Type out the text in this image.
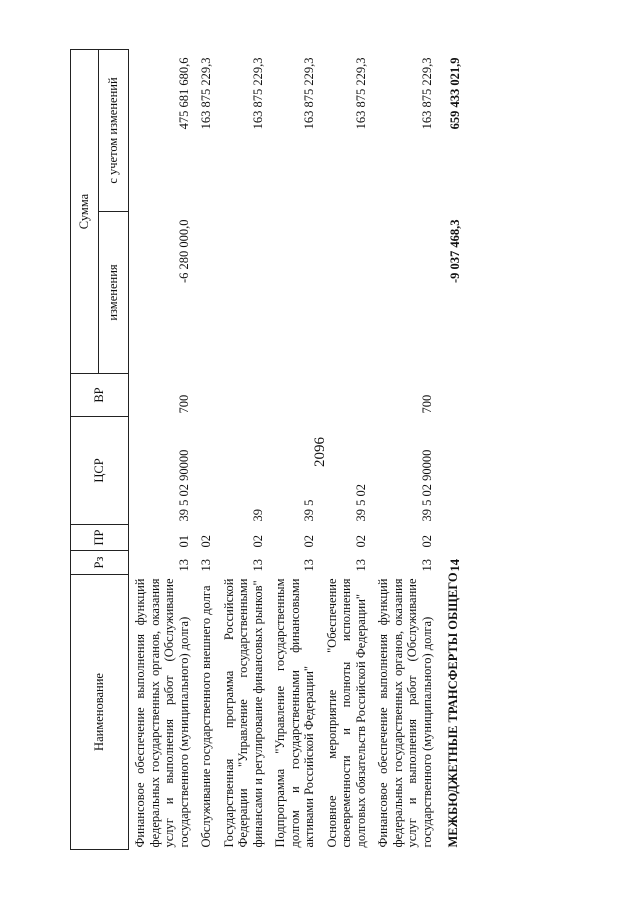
2096
Наименование	Рз	ПР	ЦСР	ВР	Сумма	
					изменения	с учетом изменений
Финансовое обеспечение выполнения функций федеральных государственных органов, оказания услуг и выполнения работ (Обслуживание государственного (муниципального) долга)	13	01	39 5 02 90000	700	-6 280 000,0	475 681 680,6
Обслуживание государственного внешнего долга	13	02				163 875 229,3
Государственная программа Российской Федерации "Управление государственными финансами и регулирование финансовых рынков"	13	02	39			163 875 229,3
Подпрограмма "Управление государственным долгом и государственными финансовыми активами Российской Федерации"	13	02	39 5			163 875 229,3
Основное мероприятие "Обеспечение своевременности и полноты исполнения долговых обязательств Российской Федерации"	13	02	39 5 02			163 875 229,3
Финансовое обеспечение выполнения функций федеральных государственных органов, оказания услуг и выполнения работ (Обслуживание государственного (муниципального) долга)	13	02	39 5 02 90000	700		163 875 229,3
МЕЖБЮДЖЕТНЫЕ ТРАНСФЕРТЫ ОБЩЕГО	14				-9 037 468,3	659 433 021,9
